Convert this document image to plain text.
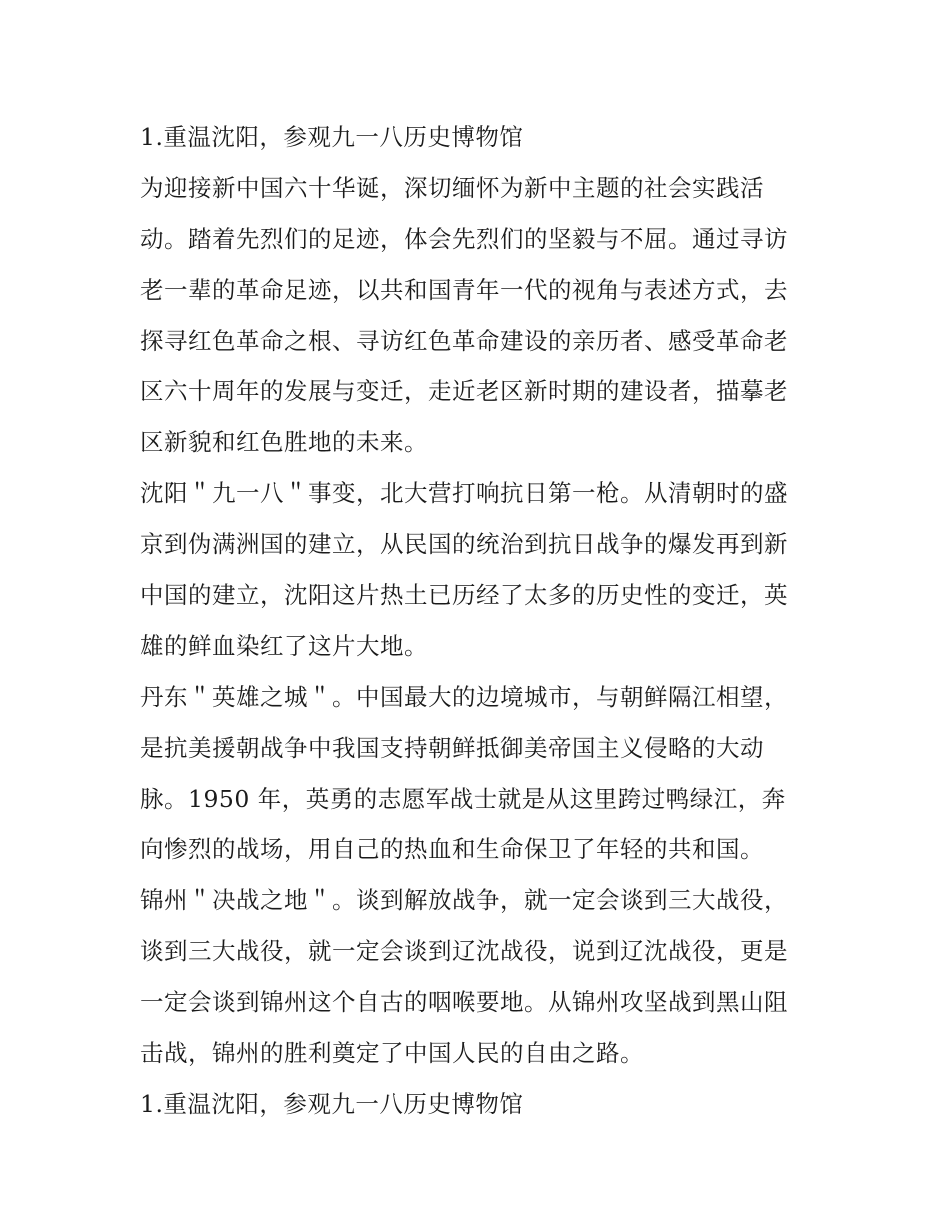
1.重温沈阳，参观九一八历史博物馆
为迎接新中国六十华诞，深切缅怀为新中主题的社会实践活
动。踏着先烈们的足迹，体会先烈们的坚毅与不屈。通过寻访
老一辈的革命足迹，以共和国青年一代的视角与表述方式，去
探寻红色革命之根、寻访红色革命建设的亲历者、感受革命老
区六十周年的发展与变迁，走近老区新时期的建设者，描摹老
区新貌和红色胜地的未来。
沈阳＂九一八＂事变，北大营打响抗日第一枪。从清朝时的盛
京到伪满洲国的建立，从民国的统治到抗日战争的爆发再到新
中国的建立，沈阳这片热土已历经了太多的历史性的变迁，英
雄的鲜血染红了这片大地。
丹东＂英雄之城＂。中国最大的边境城市，与朝鲜隔江相望，
是抗美援朝战争中我国支持朝鲜抵御美帝国主义侵略的大动
脉。1950 年，英勇的志愿军战士就是从这里跨过鸭绿江，奔
向惨烈的战场，用自己的热血和生命保卫了年轻的共和国。
锦州＂决战之地＂。谈到解放战争，就一定会谈到三大战役，
谈到三大战役，就一定会谈到辽沈战役，说到辽沈战役，更是
一定会谈到锦州这个自古的咽喉要地。从锦州攻坚战到黑山阻
击战，锦州的胜利奠定了中国人民的自由之路。
1.重温沈阳，参观九一八历史博物馆
